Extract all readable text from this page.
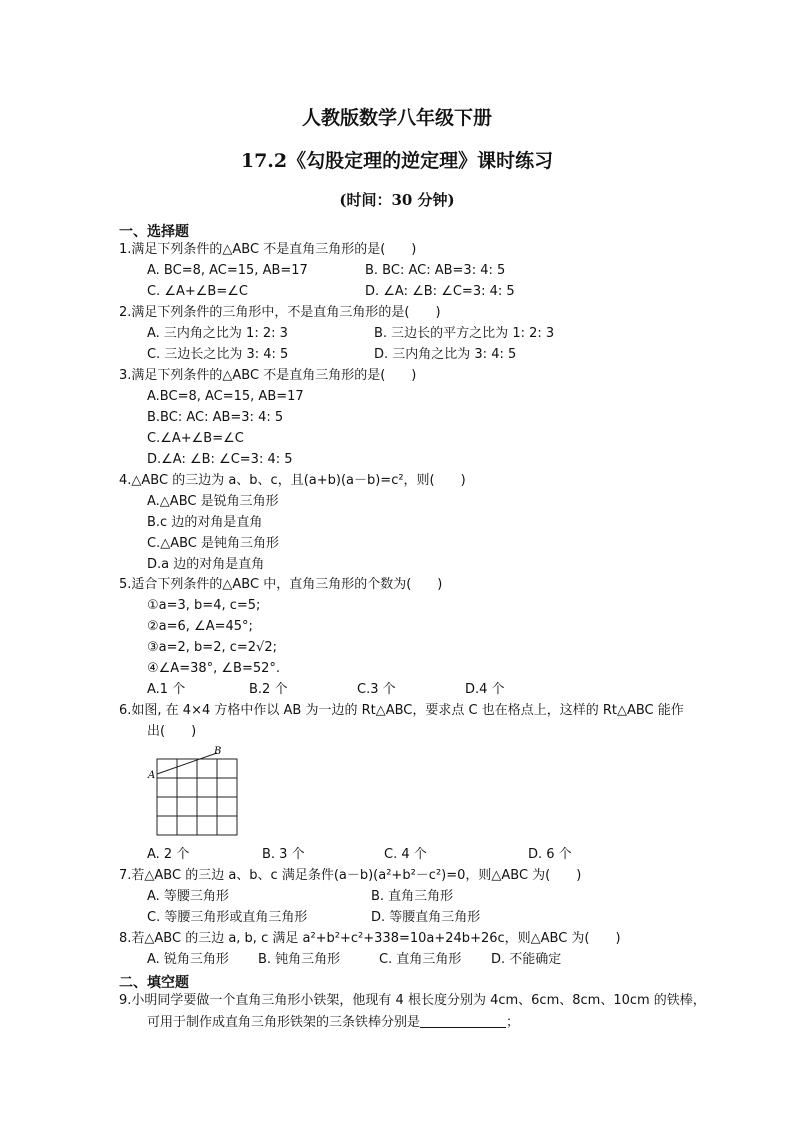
人教版数学八年级下册
17.2《勾股定理的逆定理》课时练习
(时间：30 分钟)
一、选择题
1.满足下列条件的△ABC 不是直角三角形的是(　　)
A. BC=8, AC=15, AB=17	B. BC: AC: AB=3: 4: 5
C. ∠A+∠B=∠C	D. ∠A: ∠B: ∠C=3: 4: 5
2.满足下列条件的三角形中，不是直角三角形的是(　　)
A. 三内角之比为 1: 2: 3	B. 三边长的平方之比为 1: 2: 3
C. 三边长之比为 3: 4: 5	D. 三内角之比为 3: 4: 5
3.满足下列条件的△ABC 不是直角三角形的是(　　)
A.BC=8, AC=15, AB=17
B.BC: AC: AB=3: 4: 5
C.∠A+∠B=∠C
D.∠A: ∠B: ∠C=3: 4: 5
4.△ABC 的三边为 a、b、c，且(a+b)(a－b)=c²，则(　　)
A.△ABC 是锐角三角形
B.c 边的对角是直角
C.△ABC 是钝角三角形
D.a 边的对角是直角
5.适合下列条件的△ABC 中，直角三角形的个数为(　　)
①a=3, b=4, c=5;
②a=6, ∠A=45°;
③a=2, b=2, c=2√2;
④∠A=38°, ∠B=52°.
A.1 个	B.2 个	C.3 个	D.4 个
6.如图, 在 4×4 方格中作以 AB 为一边的 Rt△ABC，要求点 C 也在格点上，这样的 Rt△ABC 能作
出(　　)
A
B
A. 2 个	B. 3 个	C. 4 个	D. 6 个
7.若△ABC 的三边 a、b、c 满足条件(a－b)(a²+b²－c²)=0，则△ABC 为(　　)
A. 等腰三角形	B. 直角三角形
C. 等腰三角形或直角三角形	D. 等腰直角三角形
8.若△ABC 的三边 a, b, c 满足 a²+b²+c²+338=10a+24b+26c，则△ABC 为(　　)
A. 锐角三角形 B. 钝角三角形	C. 直角三角形 D. 不能确定
二、填空题
9.小明同学要做一个直角三角形小铁架，他现有 4 根长度分别为 4cm、6cm、8cm、10cm 的铁棒，
可用于制作成直角三角形铁架的三条铁棒分别是	；
